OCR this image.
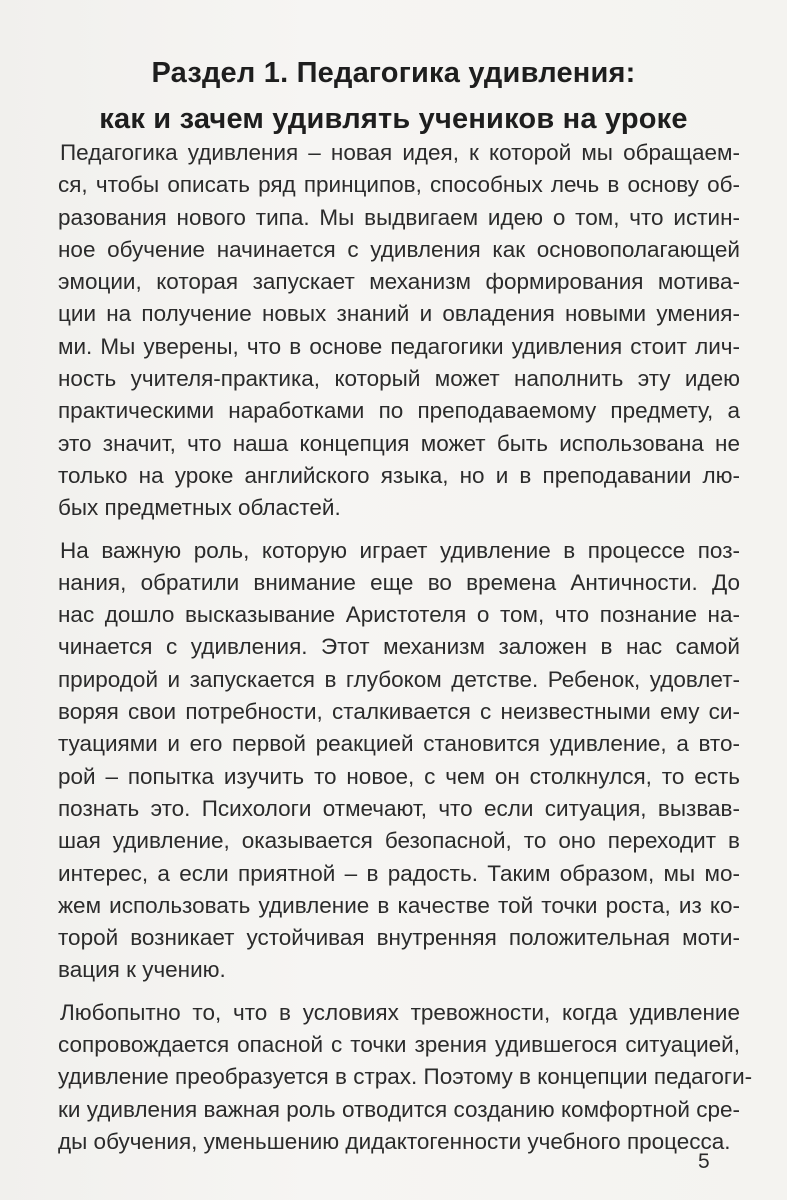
Раздел 1. Педагогика удивления:
как и зачем удивлять учеников на уроке

Педагогика удивления – новая идея, к которой мы обращаем-
ся, чтобы описать ряд принципов, способных лечь в основу об-
разования нового типа. Мы выдвигаем идею о том, что истин-
ное обучение начинается с удивления как основополагающей
эмоции, которая запускает механизм формирования мотива-
ции на получение новых знаний и овладения новыми умения-
ми. Мы уверены, что в основе педагогики удивления стоит лич-
ность учителя-практика, который может наполнить эту идею
практическими наработками по преподаваемому предмету, а
это значит, что наша концепция может быть использована не
только на уроке английского языка, но и в преподавании лю-
бых предметных областей.

На важную роль, которую играет удивление в процессе поз-
нания, обратили внимание еще во времена Античности. До
нас дошло высказывание Аристотеля о том, что познание на-
чинается с удивления. Этот механизм заложен в нас самой
природой и запускается в глубоком детстве. Ребенок, удовлет-
воряя свои потребности, сталкивается с неизвестными ему си-
туациями и его первой реакцией становится удивление, а вто-
рой – попытка изучить то новое, с чем он столкнулся, то есть
познать это. Психологи отмечают, что если ситуация, вызвав-
шая удивление, оказывается безопасной, то оно переходит в
интерес, а если приятной – в радость. Таким образом, мы мо-
жем использовать удивление в качестве той точки роста, из ко-
торой возникает устойчивая внутренняя положительная моти-
вация к учению.

Любопытно то, что в условиях тревожности, когда удивление
сопровождается опасной с точки зрения удившегося ситуацией,
удивление преобразуется в страх. Поэтому в концепции педагоги-
ки удивления важная роль отводится созданию комфортной сре-
ды обучения, уменьшению дидактогенности учебного процесса.

5
